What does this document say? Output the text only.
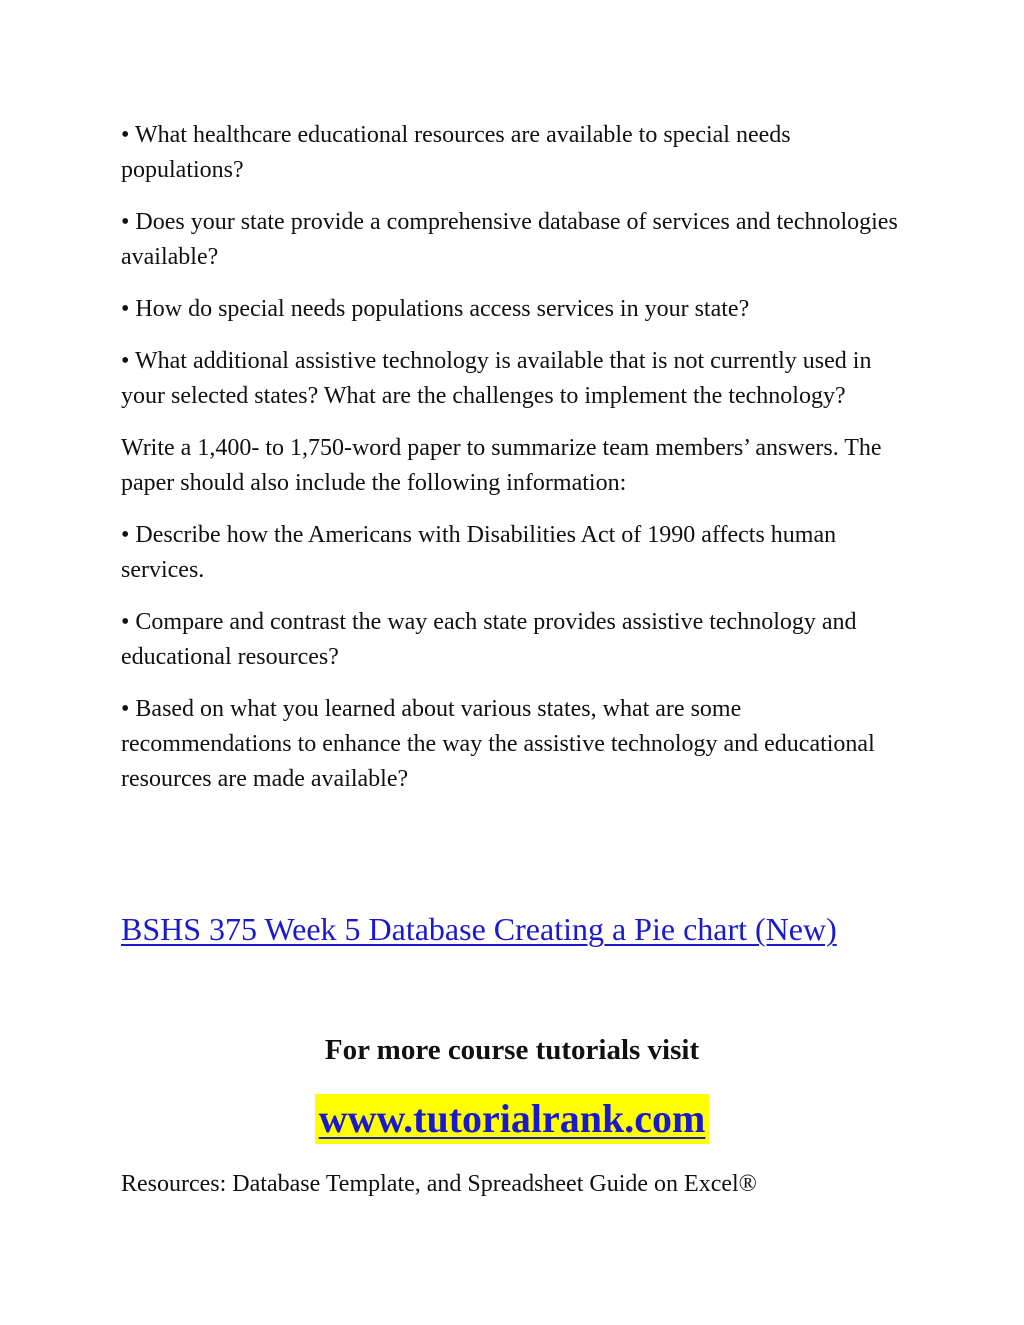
• What healthcare educational resources are available to special needs populations?

• Does your state provide a comprehensive database of services and technologies available?

• How do special needs populations access services in your state?

• What additional assistive technology is available that is not currently used in your selected states? What are the challenges to implement the technology?

Write a 1,400- to 1,750-word paper to summarize team members’ answers. The paper should also include the following information:

• Describe how the Americans with Disabilities Act of 1990 affects human services.

• Compare and contrast the way each state provides assistive technology and educational resources?

• Based on what you learned about various states, what are some recommendations to enhance the way the assistive technology and educational resources are made available?

BSHS 375 Week 5 Database Creating a Pie chart (New)
For more course tutorials visit
www.tutorialrank.com
Resources: Database Template, and Spreadsheet Guide on Excel®
